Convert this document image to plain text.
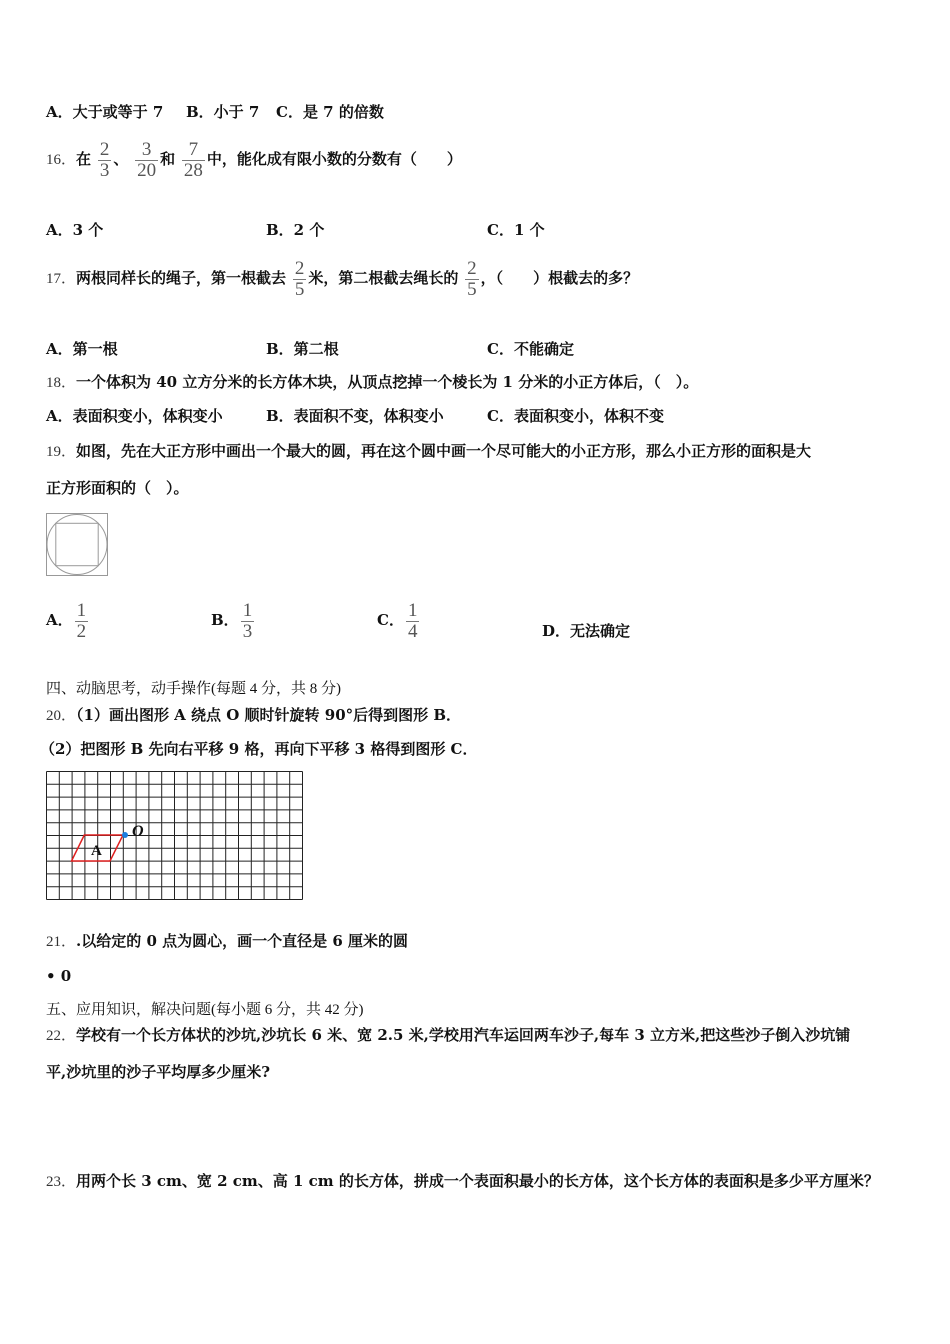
A．大于或等于 7 B．小于 7 C．是 7 的倍数
16．在 $\frac{2}{3}$ 、 $\frac{3}{20}$ 和 $\frac{7}{28}$ 中，能化成有限小数的分数有（　　）
A．3 个	B．2 个	C．1 个
17．两根同样长的绳子，第一根截去 $\frac{2}{5}$ 米，第二根截去绳长的 $\frac{2}{5}$ ，（　　）根截去的多？
A．第一根	B．第二根	C．不能确定
18．一个体积为 40 立方分米的长方体木块，从顶点挖掉一个棱长为 1 分米的小正方体后，（　）。
A．表面积变小，体积变小	B．表面积不变，体积变小	C．表面积变小，体积不变
19．如图，先在大正方形中画出一个最大的圆，再在这个圆中画一个尽可能大的小正方形，那么小正方形的面积是大
正方形面积的（　）。
A． $\frac{1}{2}$	B． $\frac{1}{3}$	C． $\frac{1}{4}$	D．无法确定
四、动脑思考，动手操作(每题 4 分，共 8 分)
20．（1）画出图形 A 绕点 O 顺时针旋转 90°后得到图形 B．
（2）把图形 B 先向右平移 9 格，再向下平移 3 格得到图形 C．
A
O
21．.以给定的 0 点为圆心，画一个直径是 6 厘米的圆
• 0
五、应用知识，解决问题(每小题 6 分，共 42 分)
22．学校有一个长方体状的沙坑,沙坑长 6 米、宽 2.5 米,学校用汽车运回两车沙子,每车 3 立方米,把这些沙子倒入沙坑铺
平,沙坑里的沙子平均厚多少厘米?
23．用两个长 3 cm、宽 2 cm、高 1 cm 的长方体，拼成一个表面积最小的长方体，这个长方体的表面积是多少平方厘米？
